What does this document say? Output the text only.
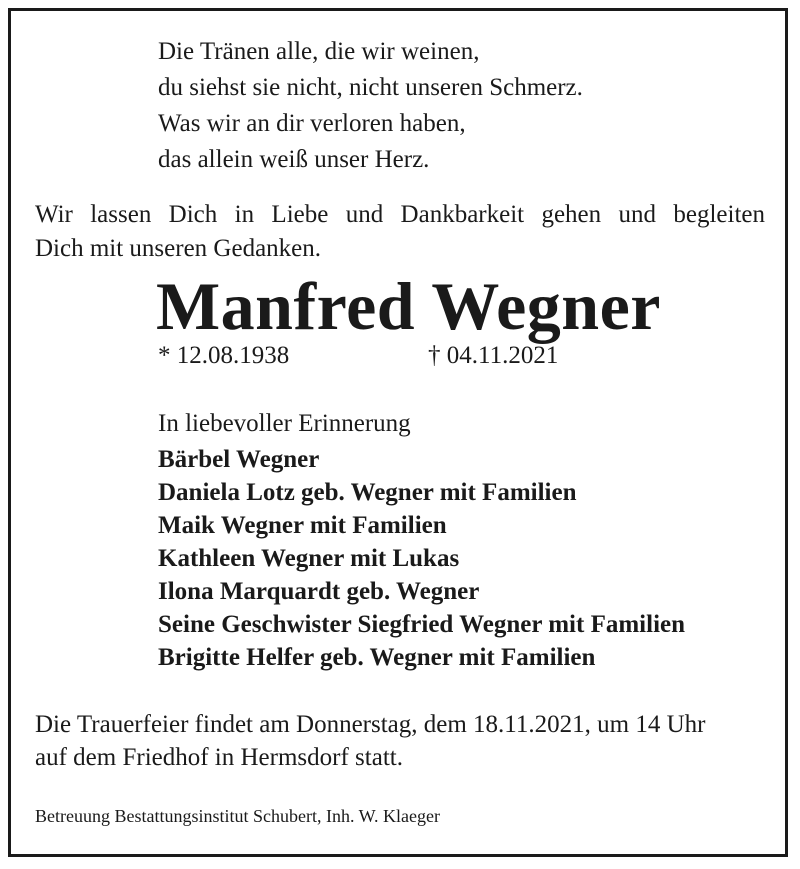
Die Tränen alle, die wir weinen,
du siehst sie nicht, nicht unseren Schmerz.
Was wir an dir verloren haben,
das allein weiß unser Herz.
Wir lassen Dich in Liebe und Dankbarkeit gehen und begleiten
Dich mit unseren Gedanken.
Manfred Wegner
* 12.08.1938	† 04.11.2021
In liebevoller Erinnerung
Bärbel Wegner
Daniela Lotz geb. Wegner mit Familien
Maik Wegner mit Familien
Kathleen Wegner mit Lukas
Ilona Marquardt geb. Wegner
Seine Geschwister Siegfried Wegner mit Familien
Brigitte Helfer geb. Wegner mit Familien
Die Trauerfeier findet am Donnerstag, dem 18.11.2021, um 14 Uhr
auf dem Friedhof in Hermsdorf statt.
Betreuung Bestattungsinstitut Schubert, Inh. W. Klaeger
